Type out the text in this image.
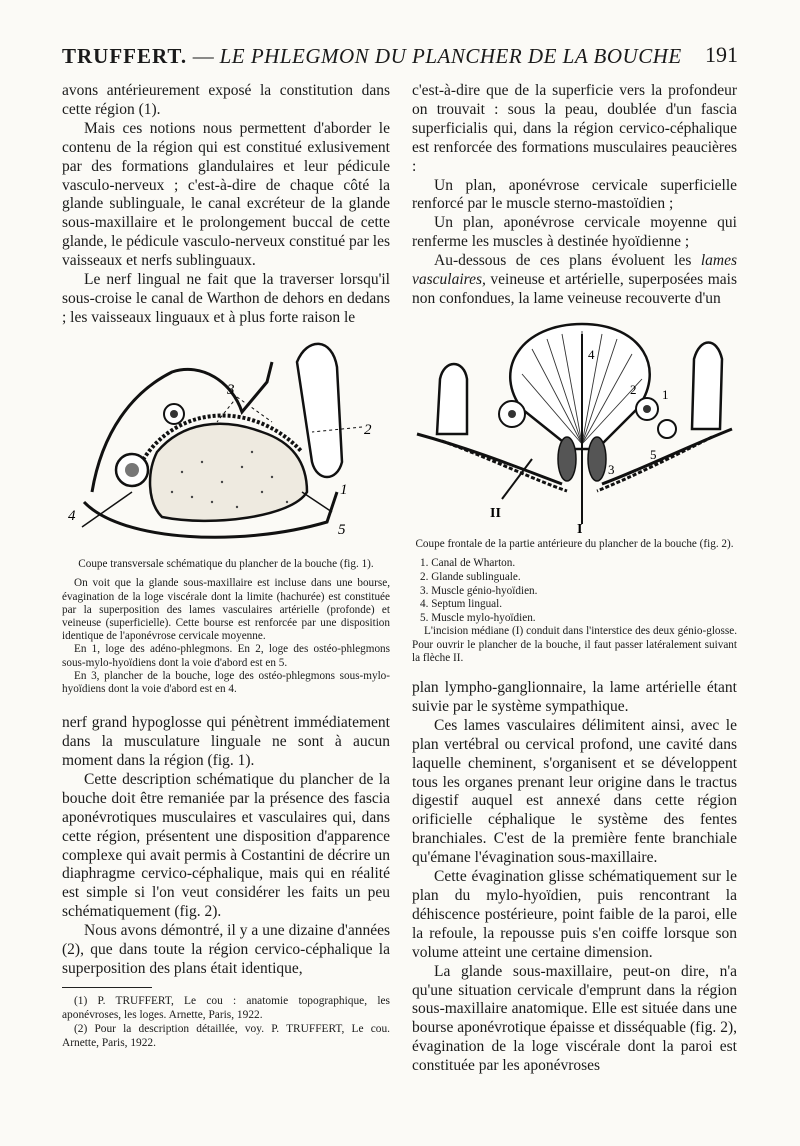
TRUFFERT. — LE PHLEGMON DU PLANCHER DE LA BOUCHE 191

avons antérieurement exposé la constitution dans cette région (1).

Mais ces notions nous permettent d'aborder le contenu de la région qui est constitué exlusivement par des formations glandulaires et leur pédicule vasculo-nerveux ; c'est-à-dire de chaque côté la glande sublinguale, le canal excréteur de la glande sous-maxillaire et le prolongement buccal de cette glande, le pédicule vasculo-nerveux constitué par les vaisseaux et nerfs sublinguaux.

Le nerf lingual ne fait que la traverser lorsqu'il sous-croise le canal de Warthon de dehors en dedans ; les vaisseaux linguaux et à plus forte raison le

3
2
1
4
5

Coupe transversale schématique du plancher de la bouche (fig. 1).

On voit que la glande sous-maxillaire est incluse dans une bourse, évagination de la loge viscérale dont la limite (hachurée) est constituée par la superposition des lames vasculaires artérielle (profonde) et veineuse (superficielle). Cette bourse est renforcée par une disposition identique de l'aponévrose cervicale moyenne.

En 1, loge des adéno-phlegmons. En 2, loge des ostéo-phlegmons sous-mylo-hyoïdiens dont la voie d'abord est en 5.

En 3, plancher de la bouche, loge des ostéo-phlegmons sous-mylo-hyoïdiens dont la voie d'abord est en 4.

nerf grand hypoglosse qui pénètrent immédiatement dans la musculature linguale ne sont à aucun moment dans la région (fig. 1).

Cette description schématique du plancher de la bouche doit être remaniée par la présence des fascia aponévrotiques musculaires et vasculaires qui, dans cette région, présentent une disposition d'apparence complexe qui avait permis à Costantini de décrire un diaphragme cervico-céphalique, mais qui en réalité est simple si l'on veut considérer les faits un peu schématiquement (fig. 2).

Nous avons démontré, il y a une dizaine d'années (2), que dans toute la région cervico-céphalique la superposition des plans était identique,

(1) P. TRUFFERT, Le cou : anatomie topographique, les aponévroses, les loges. Arnette, Paris, 1922.

(2) Pour la description détaillée, voy. P. TRUFFERT, Le cou. Arnette, Paris, 1922.

c'est-à-dire que de la superficie vers la profondeur on trouvait : sous la peau, doublée d'un fascia superficialis qui, dans la région cervico-céphalique est renforcée des formations musculaires peaucières :

Un plan, aponévrose cervicale superficielle renforcé par le muscle sterno-mastoïdien ;

Un plan, aponévrose cervicale moyenne qui renferme les muscles à destinée hyoïdienne ;

Au-dessous de ces plans évoluent les lames vasculaires, veineuse et artérielle, superposées mais non confondues, la lame veineuse recouverte d'un

1
2
3
4
5
II
I

Coupe frontale de la partie antérieure du plancher de la bouche (fig. 2).

1. Canal de Wharton.
2. Glande sublinguale.
3. Muscle génio-hyoïdien.
4. Septum lingual.
5. Muscle mylo-hyoïdien.

L'incision médiane (I) conduit dans l'interstice des deux génio-glosse. Pour ouvrir le plancher de la bouche, il faut passer latéralement suivant la flèche II.

plan lympho-ganglionnaire, la lame artérielle étant suivie par le système sympathique.

Ces lames vasculaires délimitent ainsi, avec le plan vertébral ou cervical profond, une cavité dans laquelle cheminent, s'organisent et se développent tous les organes prenant leur origine dans le tractus digestif auquel est annexé dans cette région orificielle céphalique le système des fentes branchiales. C'est de la première fente branchiale qu'émane l'évagination sous-maxillaire.

Cette évagination glisse schématiquement sur le plan du mylo-hyoïdien, puis rencontrant la déhiscence postérieure, point faible de la paroi, elle la refoule, la repousse puis s'en coiffe lorsque son volume atteint une certaine dimension.

La glande sous-maxillaire, peut-on dire, n'a qu'une situation cervicale d'emprunt dans la région sous-maxillaire anatomique. Elle est située dans une bourse aponévrotique épaisse et disséquable (fig. 2), évagination de la loge viscérale dont la paroi est constituée par les aponévroses
